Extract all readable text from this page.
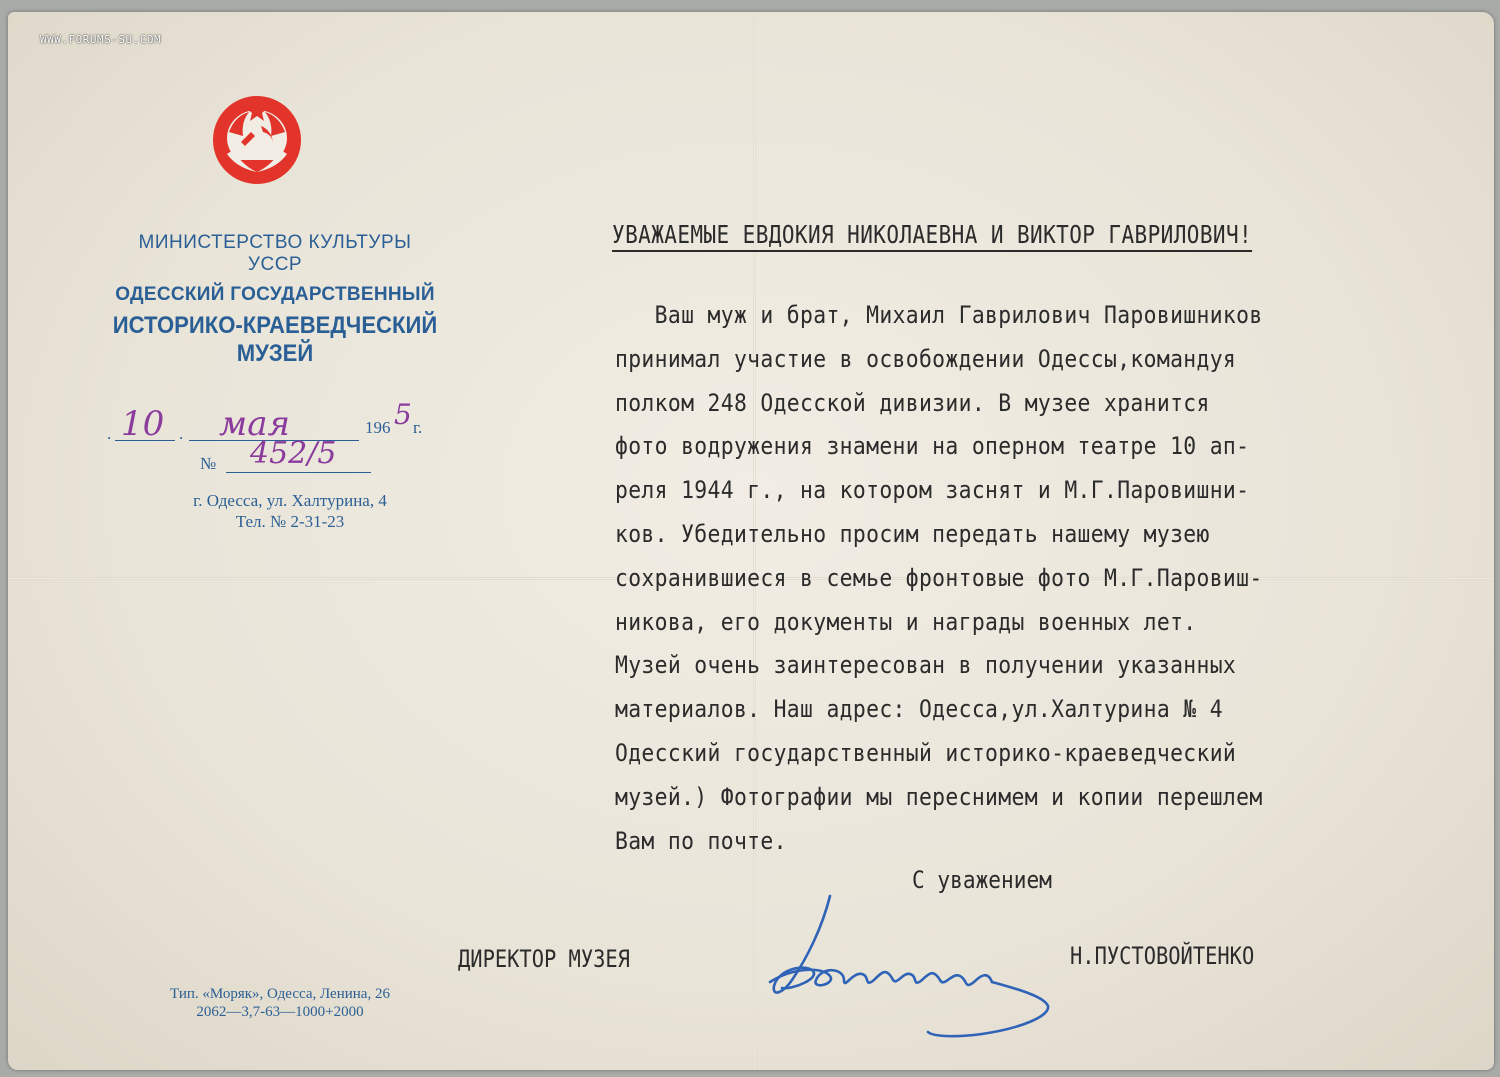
WWW.FORUMS-SU.COM
МИНИСТЕРСТВО КУЛЬТУРЫ
УССР
ОДЕССКИЙ ГОСУДАРСТВЕННЫЙ
ИСТОРИКО-КРАЕВЕДЧЕСКИЙ
МУЗЕЙ
. 10 . мая	196 5 г.
№ 452/5
г. Одесса, ул. Халтурина, 4
Тел. № 2-31-23
УВАЖАЕМЫЕ ЕВДОКИЯ НИКОЛАЕВНА И ВИКТОР ГАВРИЛОВИЧ!
Ваш муж и брат, Михаил Гаврилович Паровишников
принимал участие в освобождении Одессы,командуя
полком 248 Одесской дивизии. В музее хранится
фото водружения знамени на оперном театре 10 ап-
реля 1944 г., на котором заснят и М.Г.Паровишни-
ков. Убедительно просим передать нашему музею
сохранившиеся в семье фронтовые фото М.Г.Паровиш-
никова, его документы и награды военных лет.
Музей очень заинтересован в получении указанных
материалов. Наш адрес: Одесса,ул.Халтурина № 4
Одесский государственный историко-краеведческий
музей.) Фотографии мы переснимем и копии перешлем
Вам по почте.
С уважением
ДИРЕКТОР МУЗЕЯ	Н.ПУСТОВОЙТЕНКО
Тип. «Моряк», Одесса, Ленина, 26
2062—3,7-63—1000+2000
